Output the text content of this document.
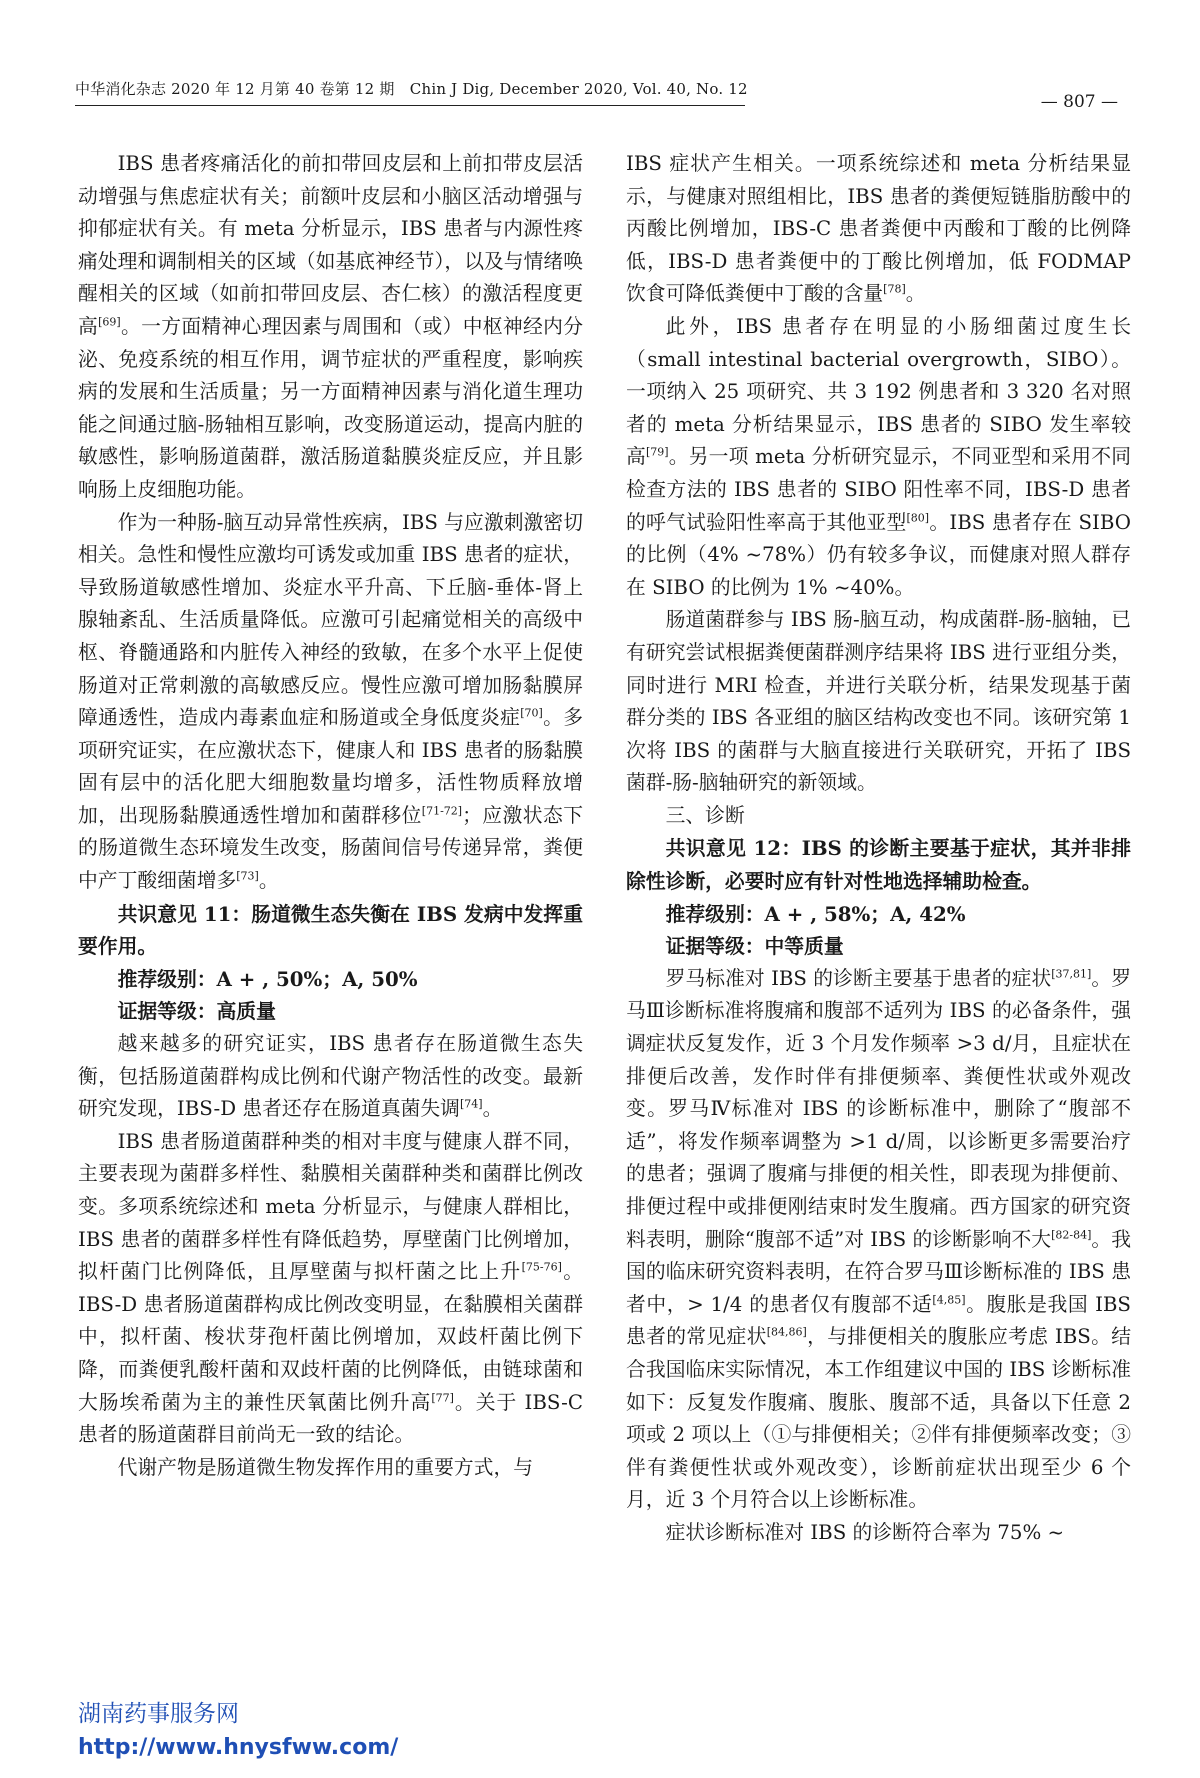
中华消化杂志 2020 年 12 月第 40 卷第 12 期　Chin J Dig, December 2020, Vol. 40, No. 12
— 807 —

IBS 患者疼痛活化的前扣带回皮层和上前扣带皮层活动增强与焦虑症状有关；前额叶皮层和小脑区活动增强与抑郁症状有关。有 meta 分析显示，IBS 患者与内源性疼痛处理和调制相关的区域（如基底神经节），以及与情绪唤醒相关的区域（如前扣带回皮层、杏仁核）的激活程度更高[69]。一方面精神心理因素与周围和（或）中枢神经内分泌、免疫系统的相互作用，调节症状的严重程度，影响疾病的发展和生活质量；另一方面精神因素与消化道生理功能之间通过脑-肠轴相互影响，改变肠道运动，提高内脏的敏感性，影响肠道菌群，激活肠道黏膜炎症反应，并且影响肠上皮细胞功能。

作为一种肠-脑互动异常性疾病，IBS 与应激刺激密切相关。急性和慢性应激均可诱发或加重 IBS 患者的症状，导致肠道敏感性增加、炎症水平升高、下丘脑-垂体-肾上腺轴紊乱、生活质量降低。应激可引起痛觉相关的高级中枢、脊髓通路和内脏传入神经的致敏，在多个水平上促使肠道对正常刺激的高敏感反应。慢性应激可增加肠黏膜屏障通透性，造成内毒素血症和肠道或全身低度炎症[70]。多项研究证实，在应激状态下，健康人和 IBS 患者的肠黏膜固有层中的活化肥大细胞数量均增多，活性物质释放增加，出现肠黏膜通透性增加和菌群移位[71-72]；应激状态下的肠道微生态环境发生改变，肠菌间信号传递异常，粪便中产丁酸细菌增多[73]。

共识意见 11：肠道微生态失衡在 IBS 发病中发挥重要作用。

推荐级别：A + , 50%；A, 50%

证据等级：高质量

越来越多的研究证实，IBS 患者存在肠道微生态失衡，包括肠道菌群构成比例和代谢产物活性的改变。最新研究发现，IBS-D 患者还存在肠道真菌失调[74]。

IBS 患者肠道菌群种类的相对丰度与健康人群不同，主要表现为菌群多样性、黏膜相关菌群种类和菌群比例改变。多项系统综述和 meta 分析显示，与健康人群相比，IBS 患者的菌群多样性有降低趋势，厚壁菌门比例增加，拟杆菌门比例降低，且厚壁菌与拟杆菌之比上升[75-76]。IBS-D 患者肠道菌群构成比例改变明显，在黏膜相关菌群中，拟杆菌、梭状芽孢杆菌比例增加，双歧杆菌比例下降，而粪便乳酸杆菌和双歧杆菌的比例降低，由链球菌和大肠埃希菌为主的兼性厌氧菌比例升高[77]。关于 IBS-C 患者的肠道菌群目前尚无一致的结论。

代谢产物是肠道微生物发挥作用的重要方式，与

IBS 症状产生相关。一项系统综述和 meta 分析结果显示，与健康对照组相比，IBS 患者的粪便短链脂肪酸中的丙酸比例增加，IBS-C 患者粪便中丙酸和丁酸的比例降低，IBS-D 患者粪便中的丁酸比例增加，低 FODMAP 饮食可降低粪便中丁酸的含量[78]。

此外，IBS 患者存在明显的小肠细菌过度生长（small intestinal bacterial overgrowth，SIBO）。一项纳入 25 项研究、共 3 192 例患者和 3 320 名对照者的 meta 分析结果显示，IBS 患者的 SIBO 发生率较高[79]。另一项 meta 分析研究显示，不同亚型和采用不同检查方法的 IBS 患者的 SIBO 阳性率不同，IBS-D 患者的呼气试验阳性率高于其他亚型[80]。IBS 患者存在 SIBO 的比例（4% ~78%）仍有较多争议，而健康对照人群存在 SIBO 的比例为 1% ~40%。

肠道菌群参与 IBS 肠-脑互动，构成菌群-肠-脑轴，已有研究尝试根据粪便菌群测序结果将 IBS 进行亚组分类，同时进行 MRI 检查，并进行关联分析，结果发现基于菌群分类的 IBS 各亚组的脑区结构改变也不同。该研究第 1 次将 IBS 的菌群与大脑直接进行关联研究，开拓了 IBS 菌群-肠-脑轴研究的新领域。

三、诊断

共识意见 12：IBS 的诊断主要基于症状，其并非排除性诊断，必要时应有针对性地选择辅助检查。

推荐级别：A + , 58%；A, 42%

证据等级：中等质量

罗马标准对 IBS 的诊断主要基于患者的症状[37,81]。罗马Ⅲ诊断标准将腹痛和腹部不适列为 IBS 的必备条件，强调症状反复发作，近 3 个月发作频率 >3 d/月，且症状在排便后改善，发作时伴有排便频率、粪便性状或外观改变。罗马Ⅳ标准对 IBS 的诊断标准中，删除了“腹部不适”，将发作频率调整为 >1 d/周，以诊断更多需要治疗的患者；强调了腹痛与排便的相关性，即表现为排便前、排便过程中或排便刚结束时发生腹痛。西方国家的研究资料表明，删除“腹部不适”对 IBS 的诊断影响不大[82-84]。我国的临床研究资料表明，在符合罗马Ⅲ诊断标准的 IBS 患者中，> 1/4 的患者仅有腹部不适[4,85]。腹胀是我国 IBS 患者的常见症状[84,86]，与排便相关的腹胀应考虑 IBS。结合我国临床实际情况，本工作组建议中国的 IBS 诊断标准如下：反复发作腹痛、腹胀、腹部不适，具备以下任意 2 项或 2 项以上（①与排便相关；②伴有排便频率改变；③伴有粪便性状或外观改变），诊断前症状出现至少 6 个月，近 3 个月符合以上诊断标准。

症状诊断标准对 IBS 的诊断符合率为 75% ~

湖南药事服务网
http://www.hnysfww.com/
